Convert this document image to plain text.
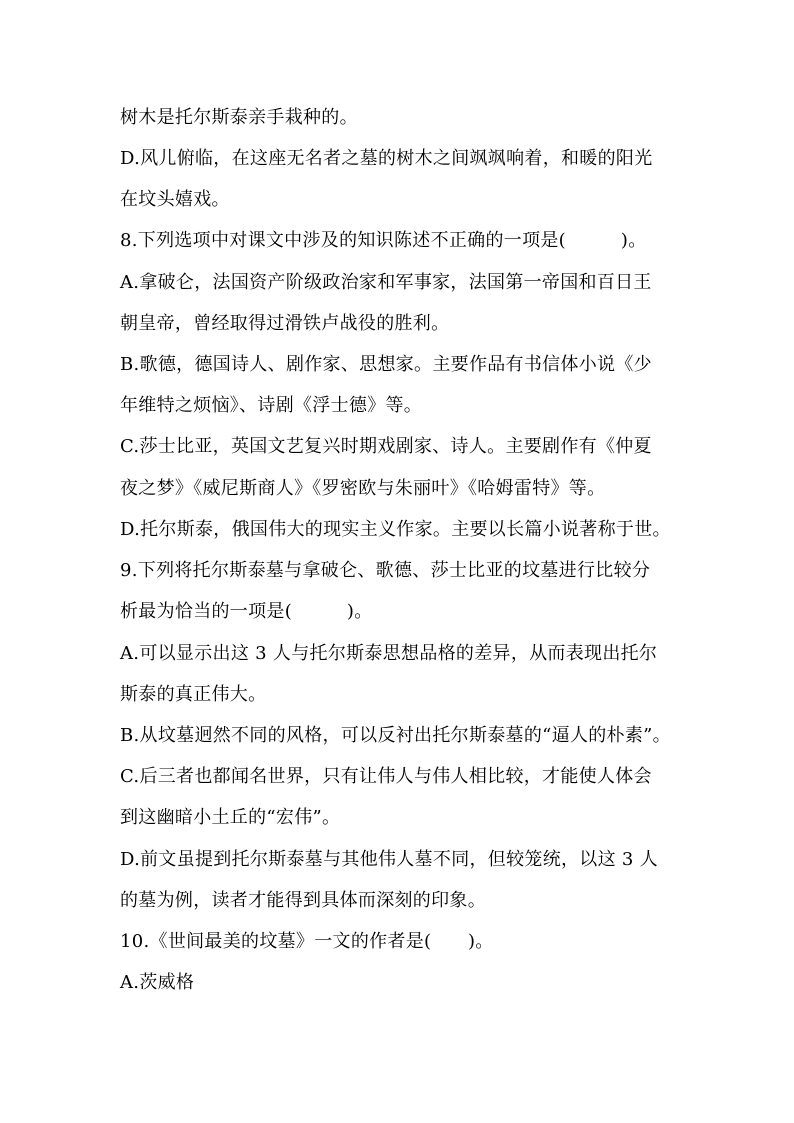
树木是托尔斯泰亲手栽种的。
D.风儿俯临，在这座无名者之墓的树木之间飒飒响着，和暖的阳光
在坟头嬉戏。
8.下列选项中对课文中涉及的知识陈述不正确的一项是(　　　)。
A.拿破仑，法国资产阶级政治家和军事家，法国第一帝国和百日王
朝皇帝，曾经取得过滑铁卢战役的胜利。
B.歌德，德国诗人、剧作家、思想家。主要作品有书信体小说《少
年维特之烦恼》、诗剧《浮士德》等。
C.莎士比亚，英国文艺复兴时期戏剧家、诗人。主要剧作有《仲夏
夜之梦》《威尼斯商人》《罗密欧与朱丽叶》《哈姆雷特》等。
D.托尔斯泰，俄国伟大的现实主义作家。主要以长篇小说著称于世。
9.下列将托尔斯泰墓与拿破仑、歌德、莎士比亚的坟墓进行比较分
析最为恰当的一项是(　　　)。
A.可以显示出这 3 人与托尔斯泰思想品格的差异，从而表现出托尔
斯泰的真正伟大。
B.从坟墓迥然不同的风格，可以反衬出托尔斯泰墓的“逼人的朴素”。
C.后三者也都闻名世界，只有让伟人与伟人相比较，才能使人体会
到这幽暗小土丘的“宏伟”。
D.前文虽提到托尔斯泰墓与其他伟人墓不同，但较笼统，以这 3 人
的墓为例，读者才能得到具体而深刻的印象。
10.《世间最美的坟墓》一文的作者是(　　)。
A.茨威格
